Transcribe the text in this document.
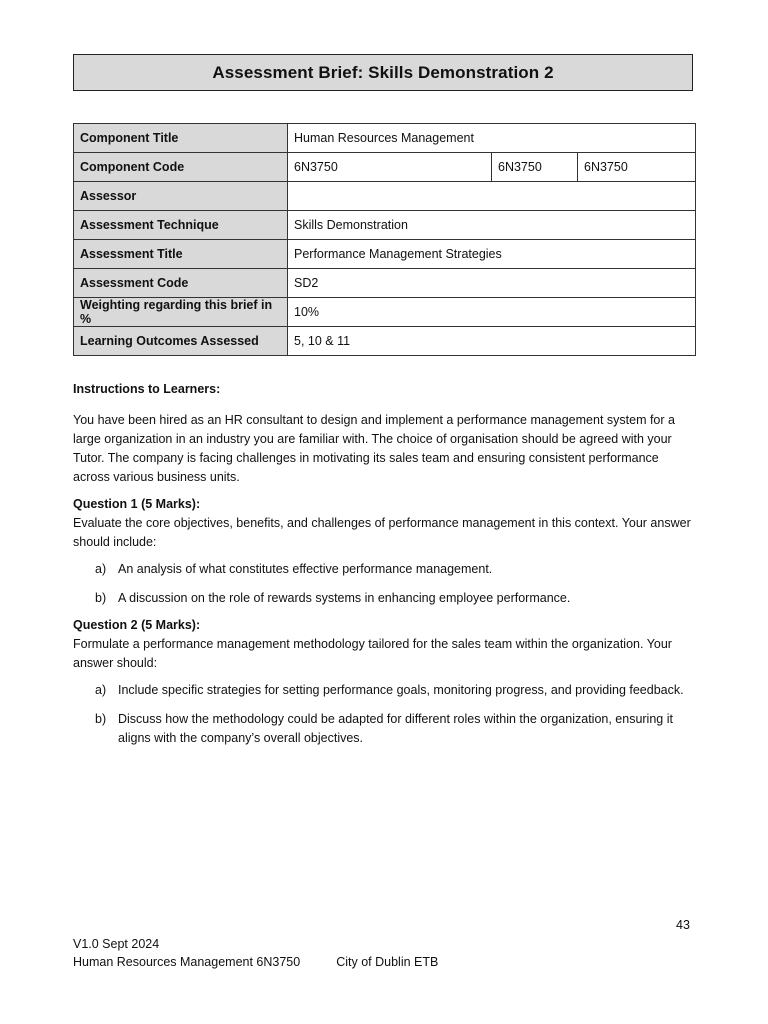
Assessment Brief: Skills Demonstration 2
Component Title	Human Resources Management		
Component Code	6N3750	6N3750	6N3750
Assessor			
Assessment Technique	Skills Demonstration		
Assessment Title	Performance Management Strategies		
Assessment Code	SD2		
Weighting regarding this brief in %	10%		
Learning Outcomes Assessed	5, 10 & 11		

Instructions to Learners:

You have been hired as an HR consultant to design and implement a performance management system for a large organization in an industry you are familiar with. The choice of organisation should be agreed with your Tutor. The company is facing challenges in motivating its sales team and ensuring consistent performance across various business units.

Question 1 (5 Marks):

Evaluate the core objectives, benefits, and challenges of performance management in this context. Your answer should include:

a) An analysis of what constitutes effective performance management.
b) A discussion on the role of rewards systems in enhancing employee performance.

Question 2 (5 Marks):

Formulate a performance management methodology tailored for the sales team within the organization. Your answer should:

a) Include specific strategies for setting performance goals, monitoring progress, and providing feedback.
b) Discuss how the methodology could be adapted for different roles within the organization, ensuring it aligns with the company’s overall objectives.
43
V1.0 Sept 2024
Human Resources Management 6N3750	City of Dublin ETB
